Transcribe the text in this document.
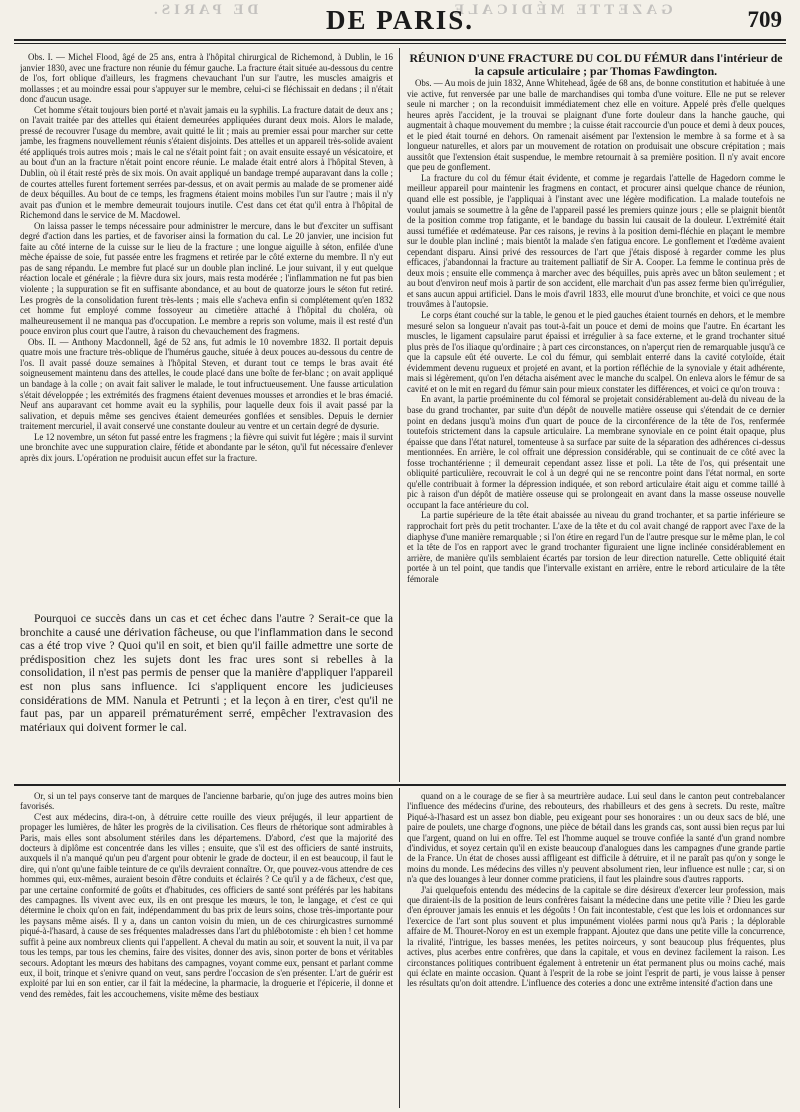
DE PARIS.	GAZETTE MÉDICALE
DE PARIS.	709

Obs. I. — Michel Flood, âgé de 25 ans, entra à l'hôpital chirurgical de Richemond, à Dublin, le 16 janvier 1830, avec une fracture non réunie du fémur gauche. La fracture était située au-dessous du centre de l'os, fort oblique d'ailleurs, les fragmens chevauchant l'un sur l'autre, les muscles amaigris et mollasses ; et au moindre essai pour s'appuyer sur le membre, celui-ci se fléchissait en dedans ; il n'était donc d'aucun usage.

Cet homme s'était toujours bien porté et n'avait jamais eu la syphilis. La fracture datait de deux ans ; on l'avait traitée par des attelles qui étaient demeurées appliquées durant deux mois. Alors le malade, pressé de recouvrer l'usage du membre, avait quitté le lit ; mais au premier essai pour marcher sur cette jambe, les fragmens nouvellement réunis s'étaient disjoints. Des attelles et un appareil très-solide avaient été appliqués trois autres mois ; mais le cal ne s'était point fait ; on avait ensuite essayé un vésicatoire, et au bout d'un an la fracture n'était point encore réunie. Le malade était entré alors à l'hôpital Steven, à Dublin, où il était resté près de six mois. On avait appliqué un bandage trempé auparavant dans la colle ; de courtes attelles furent fortement serrées par-dessus, et on avait permis au malade de se promener aidé de deux béquilles. Au bout de ce temps, les fragmens étaient moins mobiles l'un sur l'autre ; mais il n'y avait pas d'union et le membre demeurait toujours inutile. C'est dans cet état qu'il entra à l'hôpital de Richemond dans le service de M. Macdowel.

On laissa passer le temps nécessaire pour administrer le mercure, dans le but d'exciter un suffisant degré d'action dans les parties, et de favoriser ainsi la formation du cal. Le 20 janvier, une incision fut faite au côté interne de la cuisse sur le lieu de la fracture ; une longue aiguille à séton, enfilée d'une mèche épaisse de soie, fut passée entre les fragmens et retirée par le côté externe du membre. Il n'y eut pas de sang répandu. Le membre fut placé sur un double plan incliné. Le jour suivant, il y eut quelque réaction locale et générale ; la fièvre dura six jours, mais resta modérée ; l'inflammation ne fut pas bien violente ; la suppuration se fit en suffisante abondance, et au bout de quatorze jours le séton fut retiré. Les progrès de la consolidation furent très-lents ; mais elle s'acheva enfin si complétement qu'en 1832 cet homme fut employé comme fossoyeur au cimetière attaché à l'hôpital du choléra, où malheureusement il ne manqua pas d'occupation. Le membre a repris son volume, mais il est resté d'un pouce environ plus court que l'autre, à raison du chevauchement des fragmens.

Obs. II. — Anthony Macdonnell, âgé de 52 ans, fut admis le 10 novembre 1832. Il portait depuis quatre mois une fracture très-oblique de l'humérus gauche, située à deux pouces au-dessous du centre de l'os. Il avait passé douze semaines à l'hôpital Steven, et durant tout ce temps le bras avait été soigneusement maintenu dans des attelles, le coude placé dans une boîte de fer-blanc ; on avait appliqué un bandage à la colle ; on avait fait saliver le malade, le tout infructueusement. Une fausse articulation s'était développée ; les extrémités des fragmens étaient devenues mousses et arrondies et le bras émacié. Neuf ans auparavant cet homme avait eu la syphilis, pour laquelle deux fois il avait passé par la salivation, et depuis même ses gencives étaient demeurées gonflées et sensibles. Depuis le dernier traitement mercuriel, il avait conservé une constante douleur au ventre et un certain degré de dysurie.

Le 12 novembre, un séton fut passé entre les fragmens ; la fièvre qui suivit fut légère ; mais il survint une bronchite avec une suppuration claire, fétide et abondante par le séton, qu'il fut nécessaire d'enlever après dix jours. L'opération ne produisit aucun effet sur la fracture.

Pourquoi ce succès dans un cas et cet échec dans l'autre ? Serait-ce que la bronchite a causé une dérivation fâcheuse, ou que l'inflammation dans le second cas a été trop vive ? Quoi qu'il en soit, et bien qu'il faille admettre une sorte de prédisposition chez les sujets dont les frac ures sont si rebelles à la consolidation, il n'est pas permis de penser que la manière d'appliquer l'appareil est non plus sans influence. Ici s'appliquent encore les judicieuses considérations de MM. Nanula et Petrunti ; et la leçon à en tirer, c'est qu'il ne faut pas, par un appareil prématurément serré, empêcher l'extravasion des matériaux qui doivent former le cal.

RÉUNION D'UNE FRACTURE DU COL DU FÉMUR dans l'intérieur de la capsule articulaire ; par Thomas Fawdington.

Obs. — Au mois de juin 1832, Anne Whitehead, âgée de 68 ans, de bonne constitution et habituée à une vie active, fut renversée par une balle de marchandises qui tomba d'une voiture. Elle ne put se relever seule ni marcher ; on la reconduisit immédiatement chez elle en voiture. Appelé près d'elle quelques heures après l'accident, je la trouvai se plaignant d'une forte douleur dans la hanche gauche, qui augmentait à chaque mouvement du membre ; la cuisse était raccourcie d'un pouce et demi à deux pouces, et le pied était tourné en dehors. On ramenait aisément par l'extension le membre à sa forme et à sa longueur naturelles, et alors par un mouvement de rotation on produisait une obscure crépitation ; mais aussitôt que l'extension était suspendue, le membre retournait à sa première position. Il n'y avait encore que peu de gonflement.

La fracture du col du fémur était évidente, et comme je regardais l'attelle de Hagedorn comme le meilleur appareil pour maintenir les fragmens en contact, et procurer ainsi quelque chance de réunion, quand elle est possible, je l'appliquai à l'instant avec une légère modification. La malade toutefois ne voulut jamais se soumettre à la gêne de l'appareil passé les premiers quinze jours ; elle se plaignit bientôt de la position comme trop fatigante, et le bandage du bassin lui causait de la douleur. L'extrémité était aussi tuméfiée et œdémateuse. Par ces raisons, je revins à la position demi-fléchie en plaçant le membre sur le double plan incliné ; mais bientôt la malade s'en fatigua encore. Le gonflement et l'œdème avaient cependant disparu. Ainsi privé des ressources de l'art que j'étais disposé à regarder comme les plus efficaces, j'abandonnai la fracture au traitement palliatif de Sir A. Cooper. La femme le continua près de deux mois ; ensuite elle commença à marcher avec des béquilles, puis après avec un bâton seulement ; et au bout d'environ neuf mois à partir de son accident, elle marchait d'un pas assez ferme bien qu'irrégulier, et sans aucun appui artificiel. Dans le mois d'avril 1833, elle mourut d'une bronchite, et voici ce que nous trouvâmes à l'autopsie.

Le corps étant couché sur la table, le genou et le pied gauches étaient tournés en dehors, et le membre mesuré selon sa longueur n'avait pas tout-à-fait un pouce et demi de moins que l'autre. En écartant les muscles, le ligament capsulaire parut épaissi et irrégulier à sa face externe, et le grand trochanter situé plus près de l'os iliaque qu'ordinaire ; à part ces circonstances, on n'aperçut rien de remarquable jusqu'à ce que la capsule eût été ouverte. Le col du fémur, qui semblait enterré dans la cavité cotyloïde, était évidemment devenu rugueux et projeté en avant, et la portion réfléchie de la synoviale y était adhérente, mais si légèrement, qu'on l'en détacha aisément avec le manche du scalpel. On enleva alors le fémur de sa cavité et on le mit en regard du fémur sain pour mieux constater les différences, et voici ce qu'on trouva :

En avant, la partie proéminente du col fémoral se projetait considérablement au-delà du niveau de la base du grand trochanter, par suite d'un dépôt de nouvelle matière osseuse qui s'étendait de ce dernier point en dedans jusqu'à moins d'un quart de pouce de la circonférence de la tête de l'os, renfermée toutefois strictement dans la capsule articulaire. La membrane synoviale en ce point était opaque, plus épaisse que dans l'état naturel, tomenteuse à sa surface par suite de la séparation des adhérences ci-dessus mentionnées. En arrière, le col offrait une dépression considérable, qui se continuait de ce côté avec la fosse trochantérienne ; il demeurait cependant assez lisse et poli. La tête de l'os, qui présentait une obliquité particulière, recouvrait le col à un degré qui ne se rencontre point dans l'état normal, en sorte qu'elle contribuait à former la dépression indiquée, et son rebord articulaire était aigu et comme taillé à pic à raison d'un dépôt de matière osseuse qui se prolongeait en avant dans la masse osseuse nouvelle occupant la face antérieure du col.

La partie supérieure de la tête était abaissée au niveau du grand trochanter, et sa partie inférieure se rapprochait fort près du petit trochanter. L'axe de la tête et du col avait changé de rapport avec l'axe de la diaphyse d'une manière remarquable ; si l'on étire en regard l'un de l'autre presque sur le même plan, le col et la tête de l'os en rapport avec le grand trochanter figuraient une ligne inclinée considérablement en arrière, de manière qu'ils semblaient écartés par torsion de leur direction naturelle. Cette obliquité était portée à un tel point, que tandis que l'intervalle existant en arrière, entre le rebord articulaire de la tête fémorale

Or, si un tel pays conserve tant de marques de l'ancienne barbarie, qu'on juge des autres moins bien favorisés.

C'est aux médecins, dira-t-on, à détruire cette rouille des vieux préjugés, il leur appartient de propager les lumières, de hâter les progrès de la civilisation. Ces fleurs de rhétorique sont admirables à Paris, mais elles sont absolument stériles dans les départemens. D'abord, c'est que la majorité des docteurs à diplôme est concentrée dans les villes ; ensuite, que s'il est des officiers de santé instruits, auxquels il n'a manqué qu'un peu d'argent pour obtenir le grade de docteur, il en est beaucoup, il faut le dire, qui n'ont qu'une faible teinture de ce qu'ils devraient connaître. Or, que pouvez-vous attendre de ces hommes qui, eux-mêmes, auraient besoin d'être conduits et éclairés ? Ce qu'il y a de fâcheux, c'est que, par une certaine conformité de goûts et d'habitudes, ces officiers de santé sont préférés par les habitans des campagnes. Ils vivent avec eux, ils en ont presque les mœurs, le ton, le langage, et c'est ce qui détermine le choix qu'on en fait, indépendamment du bas prix de leurs soins, chose très-importante pour les paysans même aisés. Il y a, dans un canton voisin du mien, un de ces chirurgicastres surnommé piqué-à-l'hasard, à cause de ses fréquentes maladresses dans l'art du phlébotomiste : eh bien ! cet homme suffit à peine aux nombreux clients qui l'appellent. A cheval du matin au soir, et souvent la nuit, il va par tous les temps, par tous les chemins, faire des visites, donner des avis, sinon porter de bons et véritables secours. Adoptant les mœurs des habitans des campagnes, voyant comme eux, pensant et parlant comme eux, il boit, trinque et s'enivre quand on veut, sans perdre l'occasion de s'en présenter. L'art de guérir est exploité par lui en son entier, car il fait la médecine, la pharmacie, la droguerie et l'épicerie, il donne et vend des remèdes, fait les accouchemens, visite même des bestiaux

quand on a le courage de se fier à sa meurtrière audace. Lui seul dans le canton peut contrebalancer l'influence des médecins d'urine, des rebouteurs, des rhabilleurs et des gens à secrets. Du reste, maître Piqué-à-l'hasard est un assez bon diable, peu exigeant pour ses honoraires : un ou deux sacs de blé, une paire de poulets, une charge d'ognons, une pièce de bétail dans les grands cas, sont aussi bien reçus par lui que l'argent, quand on lui en offre. Tel est l'homme auquel se trouve confiée la santé d'un grand nombre d'individus, et soyez certain qu'il en existe beaucoup d'analogues dans les campagnes d'une grande partie de la France. Un état de choses aussi affligeant est difficile à détruire, et il ne paraît pas qu'on y songe le moins du monde. Les médecins des villes n'y peuvent absolument rien, leur influence est nulle ; car, si on n'a que des louanges à leur donner comme praticiens, il faut les plaindre sous d'autres rapports.

J'ai quelquefois entendu des médecins de la capitale se dire désireux d'exercer leur profession, mais que diraient-ils de la position de leurs confrères faisant la médecine dans une petite ville ? Dieu les garde d'en éprouver jamais les ennuis et les dégoûts ! On fait incontestable, c'est que les lois et ordonnances sur l'exercice de l'art sont plus souvent et plus impunément violées parmi nous qu'à Paris ; la déplorable affaire de M. Thouret-Noroy en est un exemple frappant. Ajoutez que dans une petite ville la concurrence, la rivalité, l'intrigue, les basses menées, les petites noirceurs, y sont beaucoup plus fréquentes, plus actives, plus acerbes entre confrères, que dans la capitale, et vous en devinez facilement la raison. Les circonstances politiques contribuent également à entretenir un état permanent plus ou moins caché, mais qui éclate en mainte occasion. Quant à l'esprit de la robe se joint l'esprit de parti, je vous laisse à penser les résultats qu'on doit attendre. L'influence des coteries a donc une extrême intensité d'action dans une
